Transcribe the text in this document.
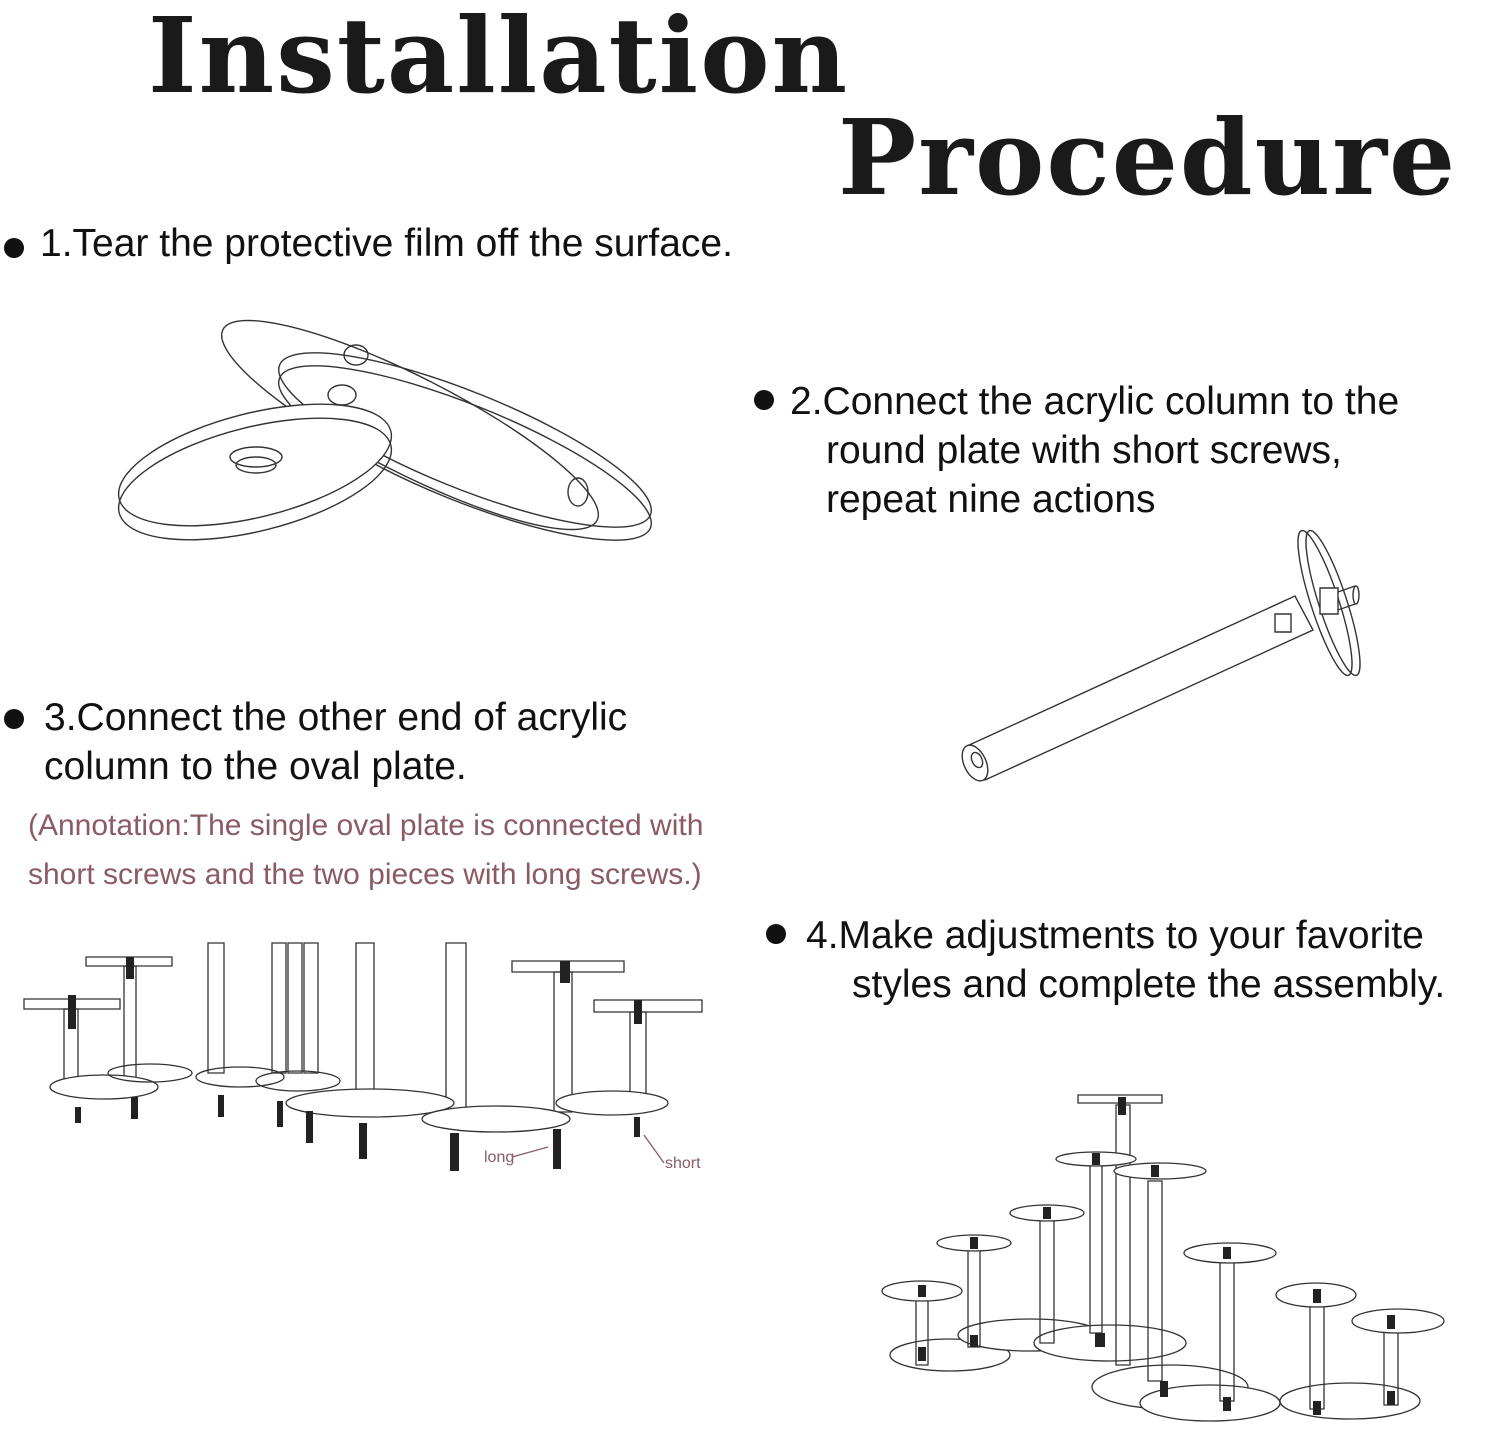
Installation
Procedure
1.Tear the protective film off the surface.
2.Connect the acrylic column to the
round plate with short screws,
repeat nine actions
3.Connect the other end of acrylic
column to the oval plate.
(Annotation:The single oval plate is connected with
short screws and the two pieces with long screws.)
long	short
4.Make adjustments to your favorite
styles and complete the assembly.
